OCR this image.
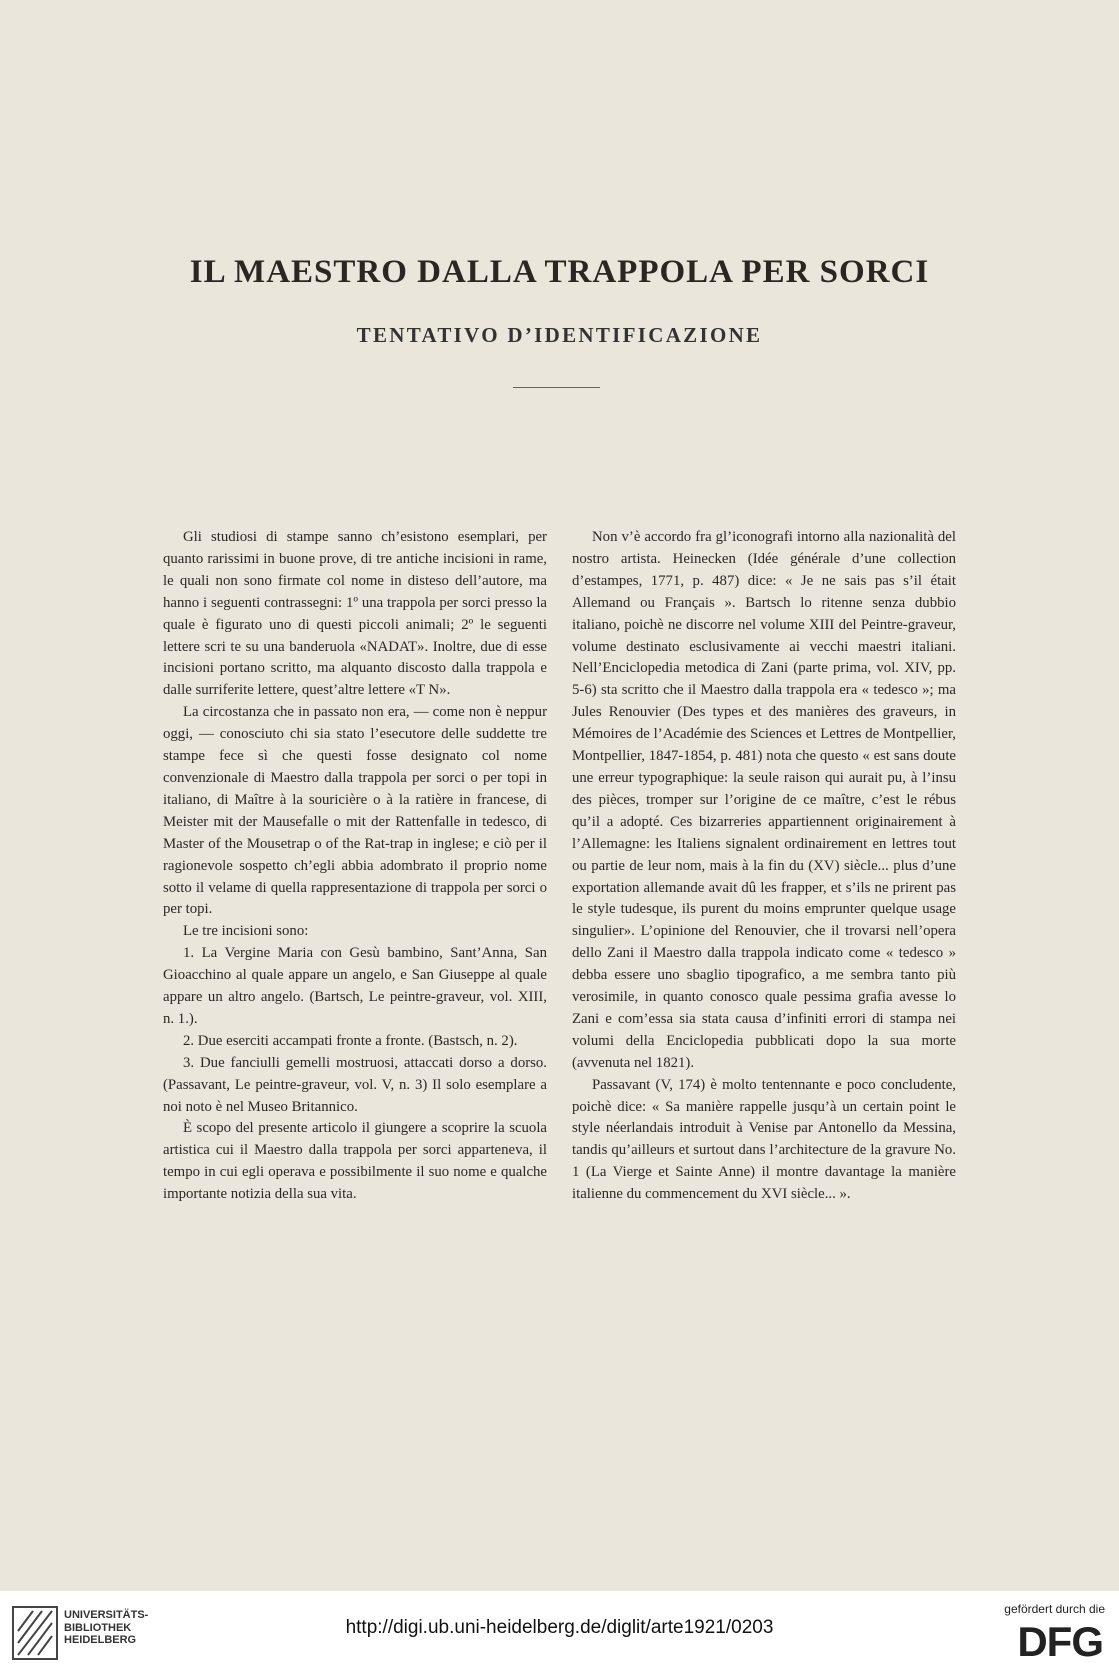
IL MAESTRO DALLA TRAPPOLA PER SORCI
TENTATIVO D’IDENTIFICAZIONE

Gli studiosi di stampe sanno ch’esistono esemplari, per quanto rarissimi in buone prove, di tre antiche incisioni in rame, le quali non sono firmate col nome in disteso dell’autore, ma hanno i seguenti contrassegni: 1º una trappola per sorci presso la quale è figurato uno di questi piccoli animali; 2º le seguenti lettere scri te su una banderuola «NADAT». Inoltre, due di esse incisioni portano scritto, ma alquanto discosto dalla trappola e dalle surriferite lettere, quest’altre lettere «T N».

La circostanza che in passato non era, — come non è neppur oggi, — conosciuto chi sia stato l’esecutore delle suddette tre stampe fece sì che questi fosse designato col nome convenzionale di Maestro dalla trappola per sorci o per topi in italiano, di Maître à la souricière o à la ratière in francese, di Meister mit der Mausefalle o mit der Rattenfalle in tedesco, di Master of the Mousetrap o of the Rat-trap in inglese; e ciò per il ragionevole sospetto ch’egli abbia adombrato il proprio nome sotto il velame di quella rappresentazione di trappola per sorci o per topi.

Le tre incisioni sono:

1. La Vergine Maria con Gesù bambino, Sant’Anna, San Gioacchino al quale appare un angelo, e San Giuseppe al quale appare un altro angelo. (Bartsch, Le peintre-graveur, vol. XIII, n. 1.).

2. Due eserciti accampati fronte a fronte. (Bastsch, n. 2).

3. Due fanciulli gemelli mostruosi, attaccati dorso a dorso. (Passavant, Le peintre-graveur, vol. V, n. 3) Il solo esemplare a noi noto è nel Museo Britannico.

È scopo del presente articolo il giungere a scoprire la scuola artistica cui il Maestro dalla trappola per sorci apparteneva, il tempo in cui egli operava e possibilmente il suo nome e qualche importante notizia della sua vita.

Non v’è accordo fra gl’iconografi intorno alla nazionalità del nostro artista. Heinecken (Idée générale d’une collection d’estampes, 1771, p. 487) dice: « Je ne sais pas s’il était Allemand ou Français ». Bartsch lo ritenne senza dubbio italiano, poichè ne discorre nel volume XIII del Peintre-graveur, volume destinato esclusivamente ai vecchi maestri italiani. Nell’Enciclopedia metodica di Zani (parte prima, vol. XIV, pp. 5-6) sta scritto che il Maestro dalla trappola era « tedesco »; ma Jules Renouvier (Des types et des manières des graveurs, in Mémoires de l’Académie des Sciences et Lettres de Montpellier, Montpellier, 1847-1854, p. 481) nota che questo « est sans doute une erreur typographique: la seule raison qui aurait pu, à l’insu des pièces, tromper sur l’origine de ce maître, c’est le rébus qu’il a adopté. Ces bizarreries appartiennent originairement à l’Allemagne: les Italiens signalent ordinairement en lettres tout ou partie de leur nom, mais à la fin du (XV) siècle... plus d’une exportation allemande avait dû les frapper, et s’ils ne prirent pas le style tudesque, ils purent du moins emprunter quelque usage singulier». L’opinione del Renouvier, che il trovarsi nell’opera dello Zani il Maestro dalla trappola indicato come « tedesco » debba essere uno sbaglio tipografico, a me sembra tanto più verosimile, in quanto conosco quale pessima grafia avesse lo Zani e com’essa sia stata causa d’infiniti errori di stampa nei volumi della Enciclopedia pubblicati dopo la sua morte (avvenuta nel 1821).

Passavant (V, 174) è molto tentennante e poco concludente, poichè dice: « Sa manière rappelle jusqu’à un certain point le style néerlandais introduit à Venise par Antonello da Messina, tandis qu’ailleurs et surtout dans l’architecture de la gravure No. 1 (La Vierge et Sainte Anne) il montre davantage la manière italienne du commencement du XVI siècle... ».

UNIVERSITÄTS-
BIBLIOTHEK
HEIDELBERG
http://digi.ub.uni-heidelberg.de/diglit/arte1921/0203
gefördert durch die
DFG
